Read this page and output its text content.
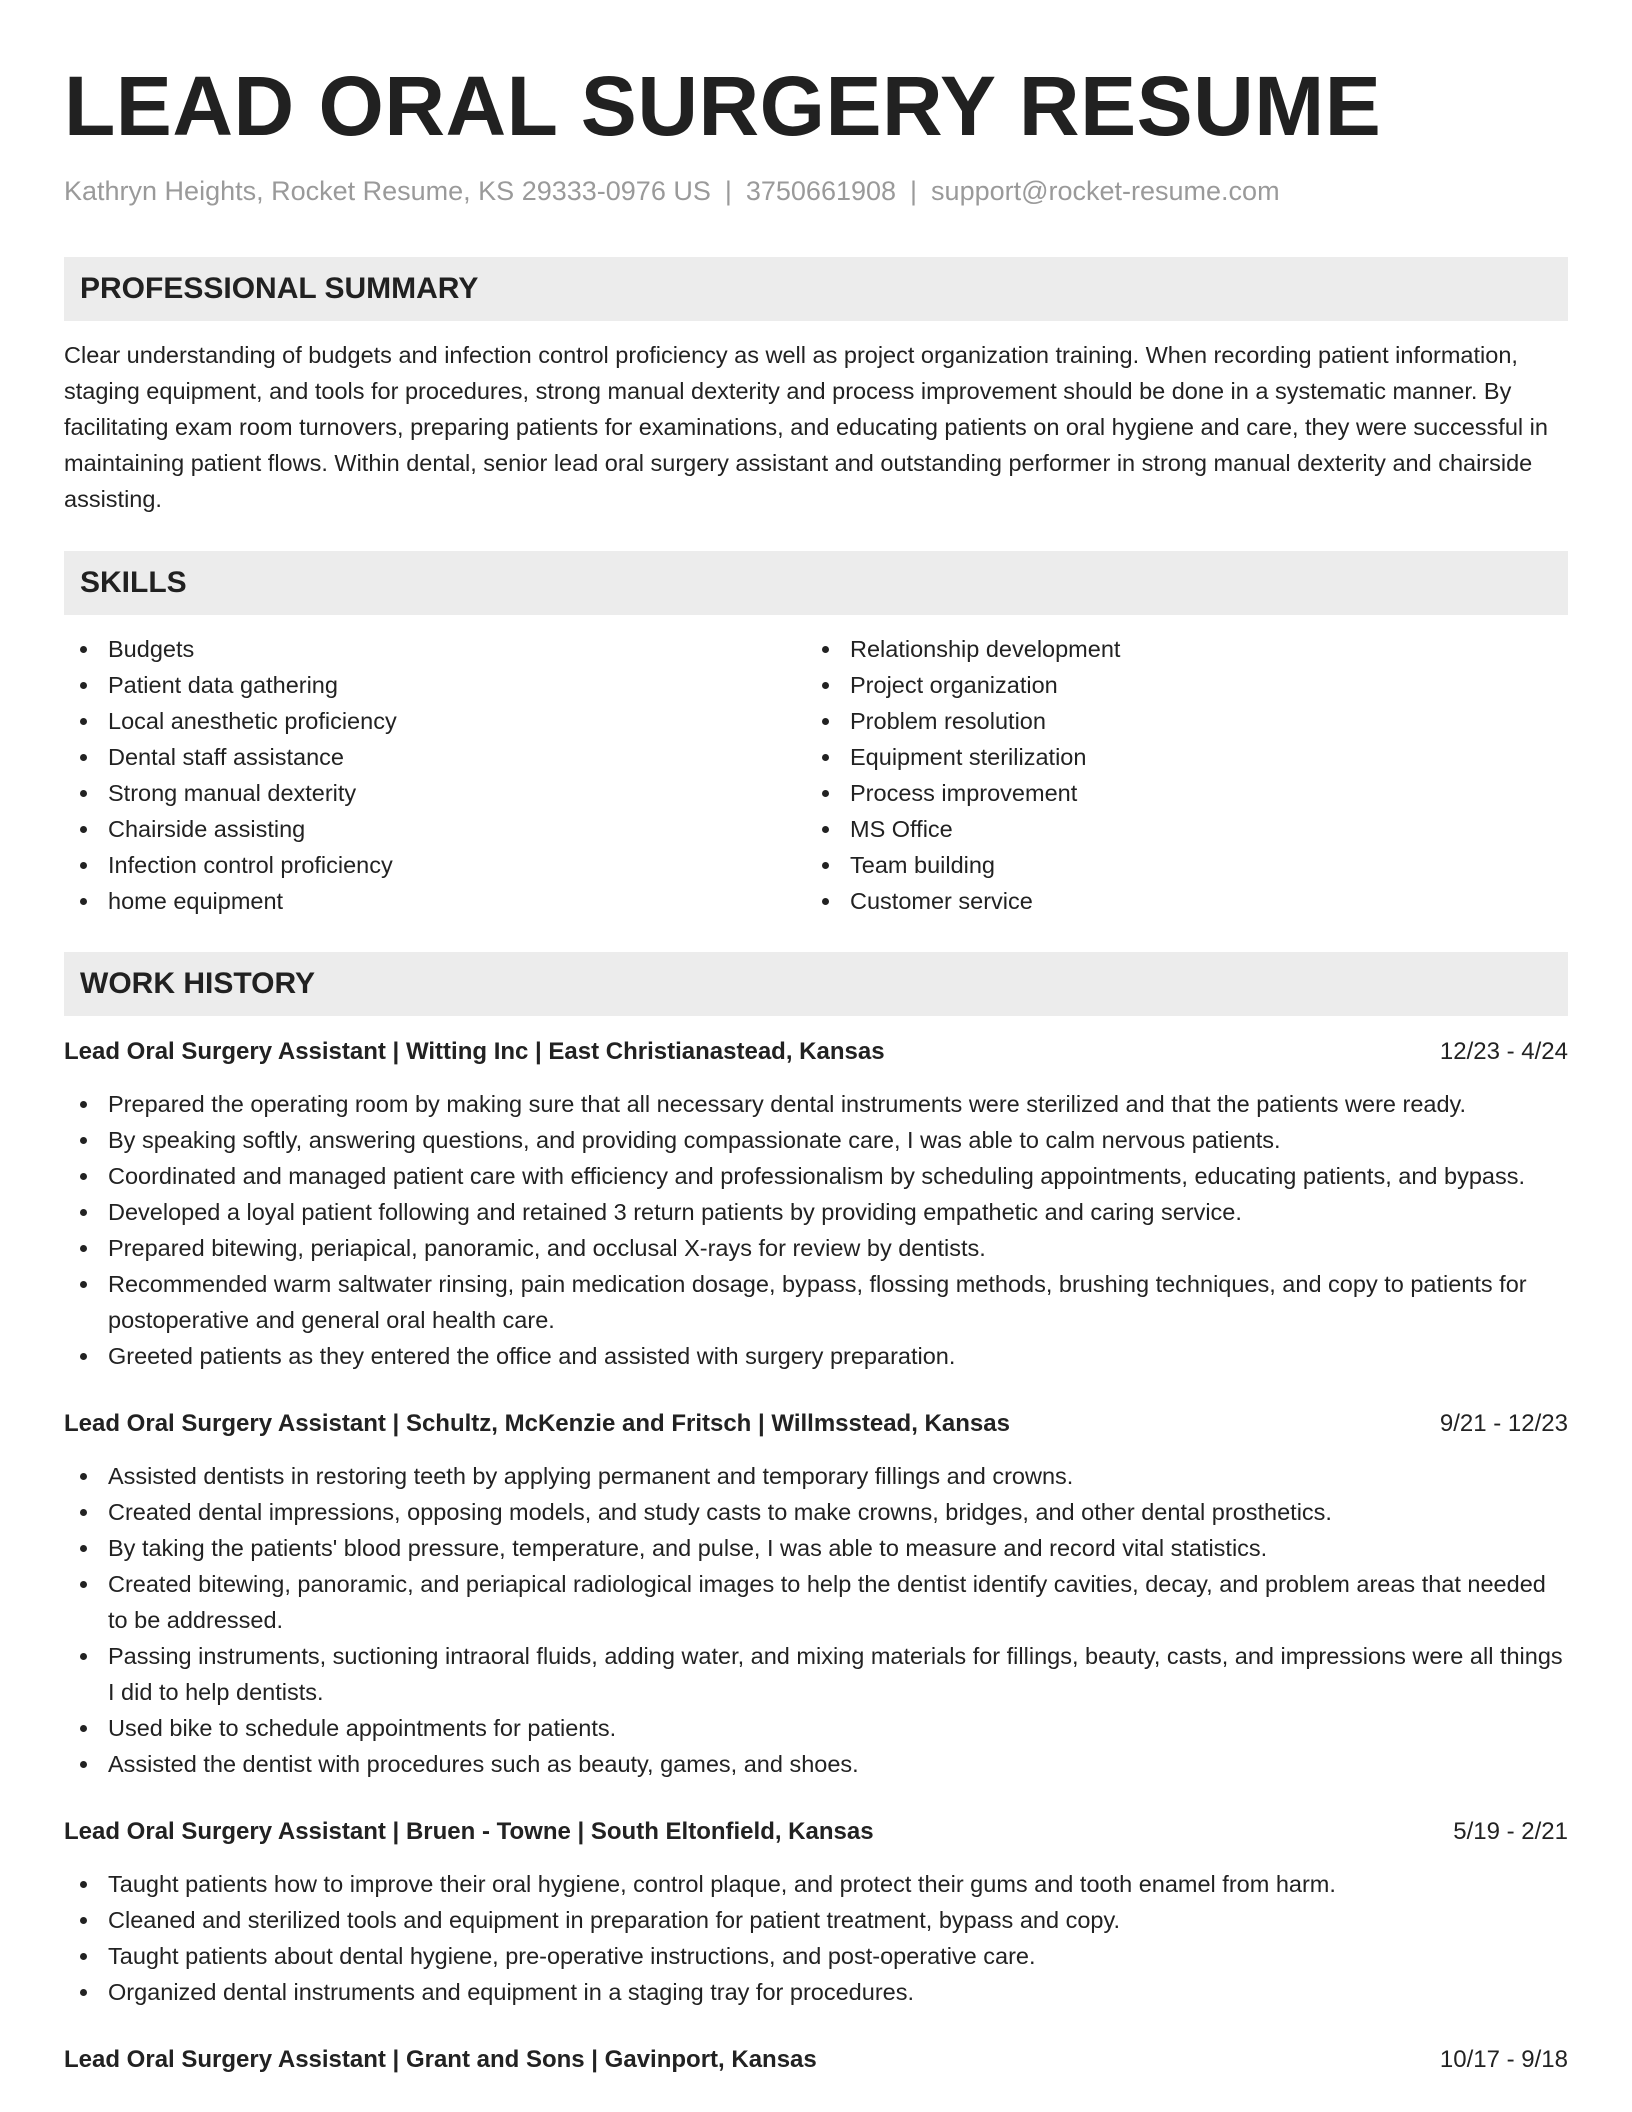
LEAD ORAL SURGERY RESUME
Kathryn Heights, Rocket Resume, KS 29333-0976 US | 3750661908 | support@rocket-resume.com
PROFESSIONAL SUMMARY

Clear understanding of budgets and infection control proficiency as well as project organization training. When recording patient information, staging equipment, and tools for procedures, strong manual dexterity and process improvement should be done in a systematic manner. By facilitating exam room turnovers, preparing patients for examinations, and educating patients on oral hygiene and care, they were successful in maintaining patient flows. Within dental, senior lead oral surgery assistant and outstanding performer in strong manual dexterity and chairside assisting.

SKILLS
Budgets
Patient data gathering
Local anesthetic proficiency
Dental staff assistance
Strong manual dexterity
Chairside assisting
Infection control proficiency
home equipment
Relationship development
Project organization
Problem resolution
Equipment sterilization
Process improvement
MS Office
Team building
Customer service
WORK HISTORY
Lead Oral Surgery Assistant | Witting Inc | East Christianastead, Kansas	12/23 - 4/24
Prepared the operating room by making sure that all necessary dental instruments were sterilized and that the patients were ready.
By speaking softly, answering questions, and providing compassionate care, I was able to calm nervous patients.
Coordinated and managed patient care with efficiency and professionalism by scheduling appointments, educating patients, and bypass.
Developed a loyal patient following and retained 3 return patients by providing empathetic and caring service.
Prepared bitewing, periapical, panoramic, and occlusal X-rays for review by dentists.
Recommended warm saltwater rinsing, pain medication dosage, bypass, flossing methods, brushing techniques, and copy to patients for postoperative and general oral health care.
Greeted patients as they entered the office and assisted with surgery preparation.
Lead Oral Surgery Assistant | Schultz, McKenzie and Fritsch | Willmsstead, Kansas	9/21 - 12/23
Assisted dentists in restoring teeth by applying permanent and temporary fillings and crowns.
Created dental impressions, opposing models, and study casts to make crowns, bridges, and other dental prosthetics.
By taking the patients' blood pressure, temperature, and pulse, I was able to measure and record vital statistics.
Created bitewing, panoramic, and periapical radiological images to help the dentist identify cavities, decay, and problem areas that needed to be addressed.
Passing instruments, suctioning intraoral fluids, adding water, and mixing materials for fillings, beauty, casts, and impressions were all things I did to help dentists.
Used bike to schedule appointments for patients.
Assisted the dentist with procedures such as beauty, games, and shoes.
Lead Oral Surgery Assistant | Bruen - Towne | South Eltonfield, Kansas	5/19 - 2/21
Taught patients how to improve their oral hygiene, control plaque, and protect their gums and tooth enamel from harm.
Cleaned and sterilized tools and equipment in preparation for patient treatment, bypass and copy.
Taught patients about dental hygiene, pre-operative instructions, and post-operative care.
Organized dental instruments and equipment in a staging tray for procedures.
Lead Oral Surgery Assistant | Grant and Sons | Gavinport, Kansas	10/17 - 9/18
